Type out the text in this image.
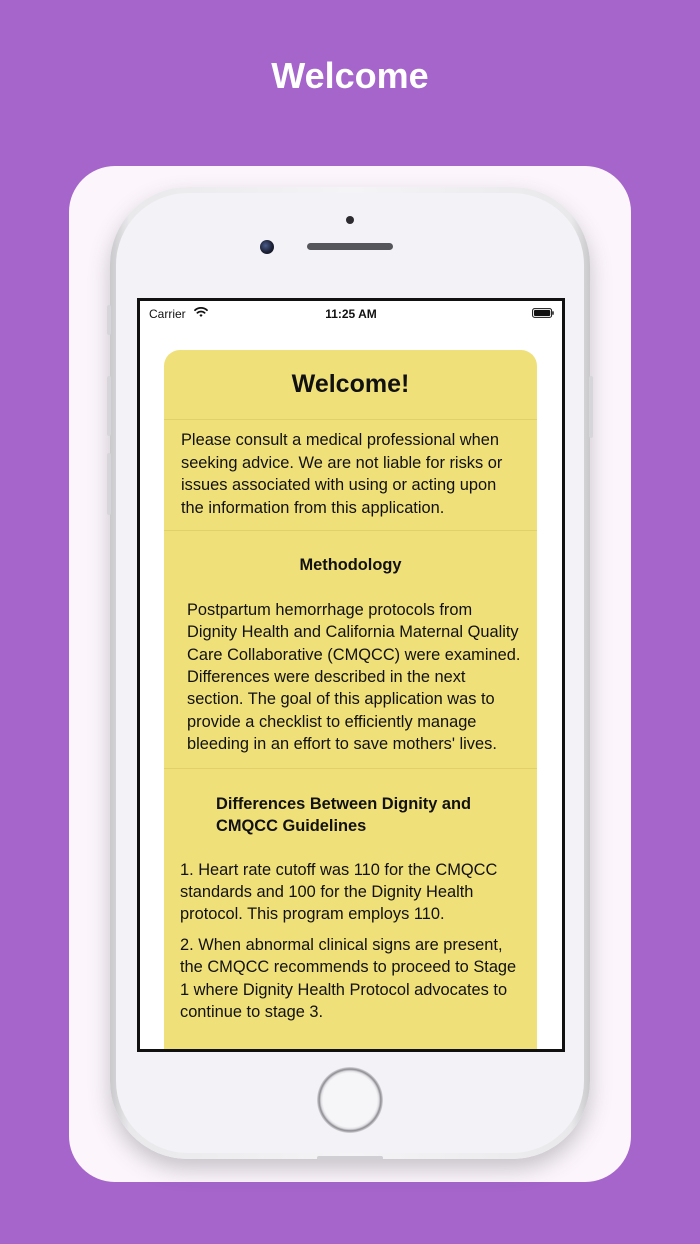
Welcome
Carrier	11:25 AM
Welcome!

Please consult a medical professional when seeking advice. We are not liable for risks or issues associated with using or acting upon the information from this application.

Methodology

Postpartum hemorrhage protocols from Dignity Health and California Maternal Quality Care Collaborative (CMQCC) were examined. Differences were described in the next section. The goal of this application was to provide a checklist to efficiently manage bleeding in an effort to save mothers' lives.

Differences Between Dignity and CMQCC Guidelines

1. Heart rate cutoff was 110 for the CMQCC standards and 100 for the Dignity Health protocol. This program employs 110.

2. When abnormal clinical signs are present, the CMQCC recommends to proceed to Stage 1 where Dignity Health Protocol advocates to continue to stage 3.
